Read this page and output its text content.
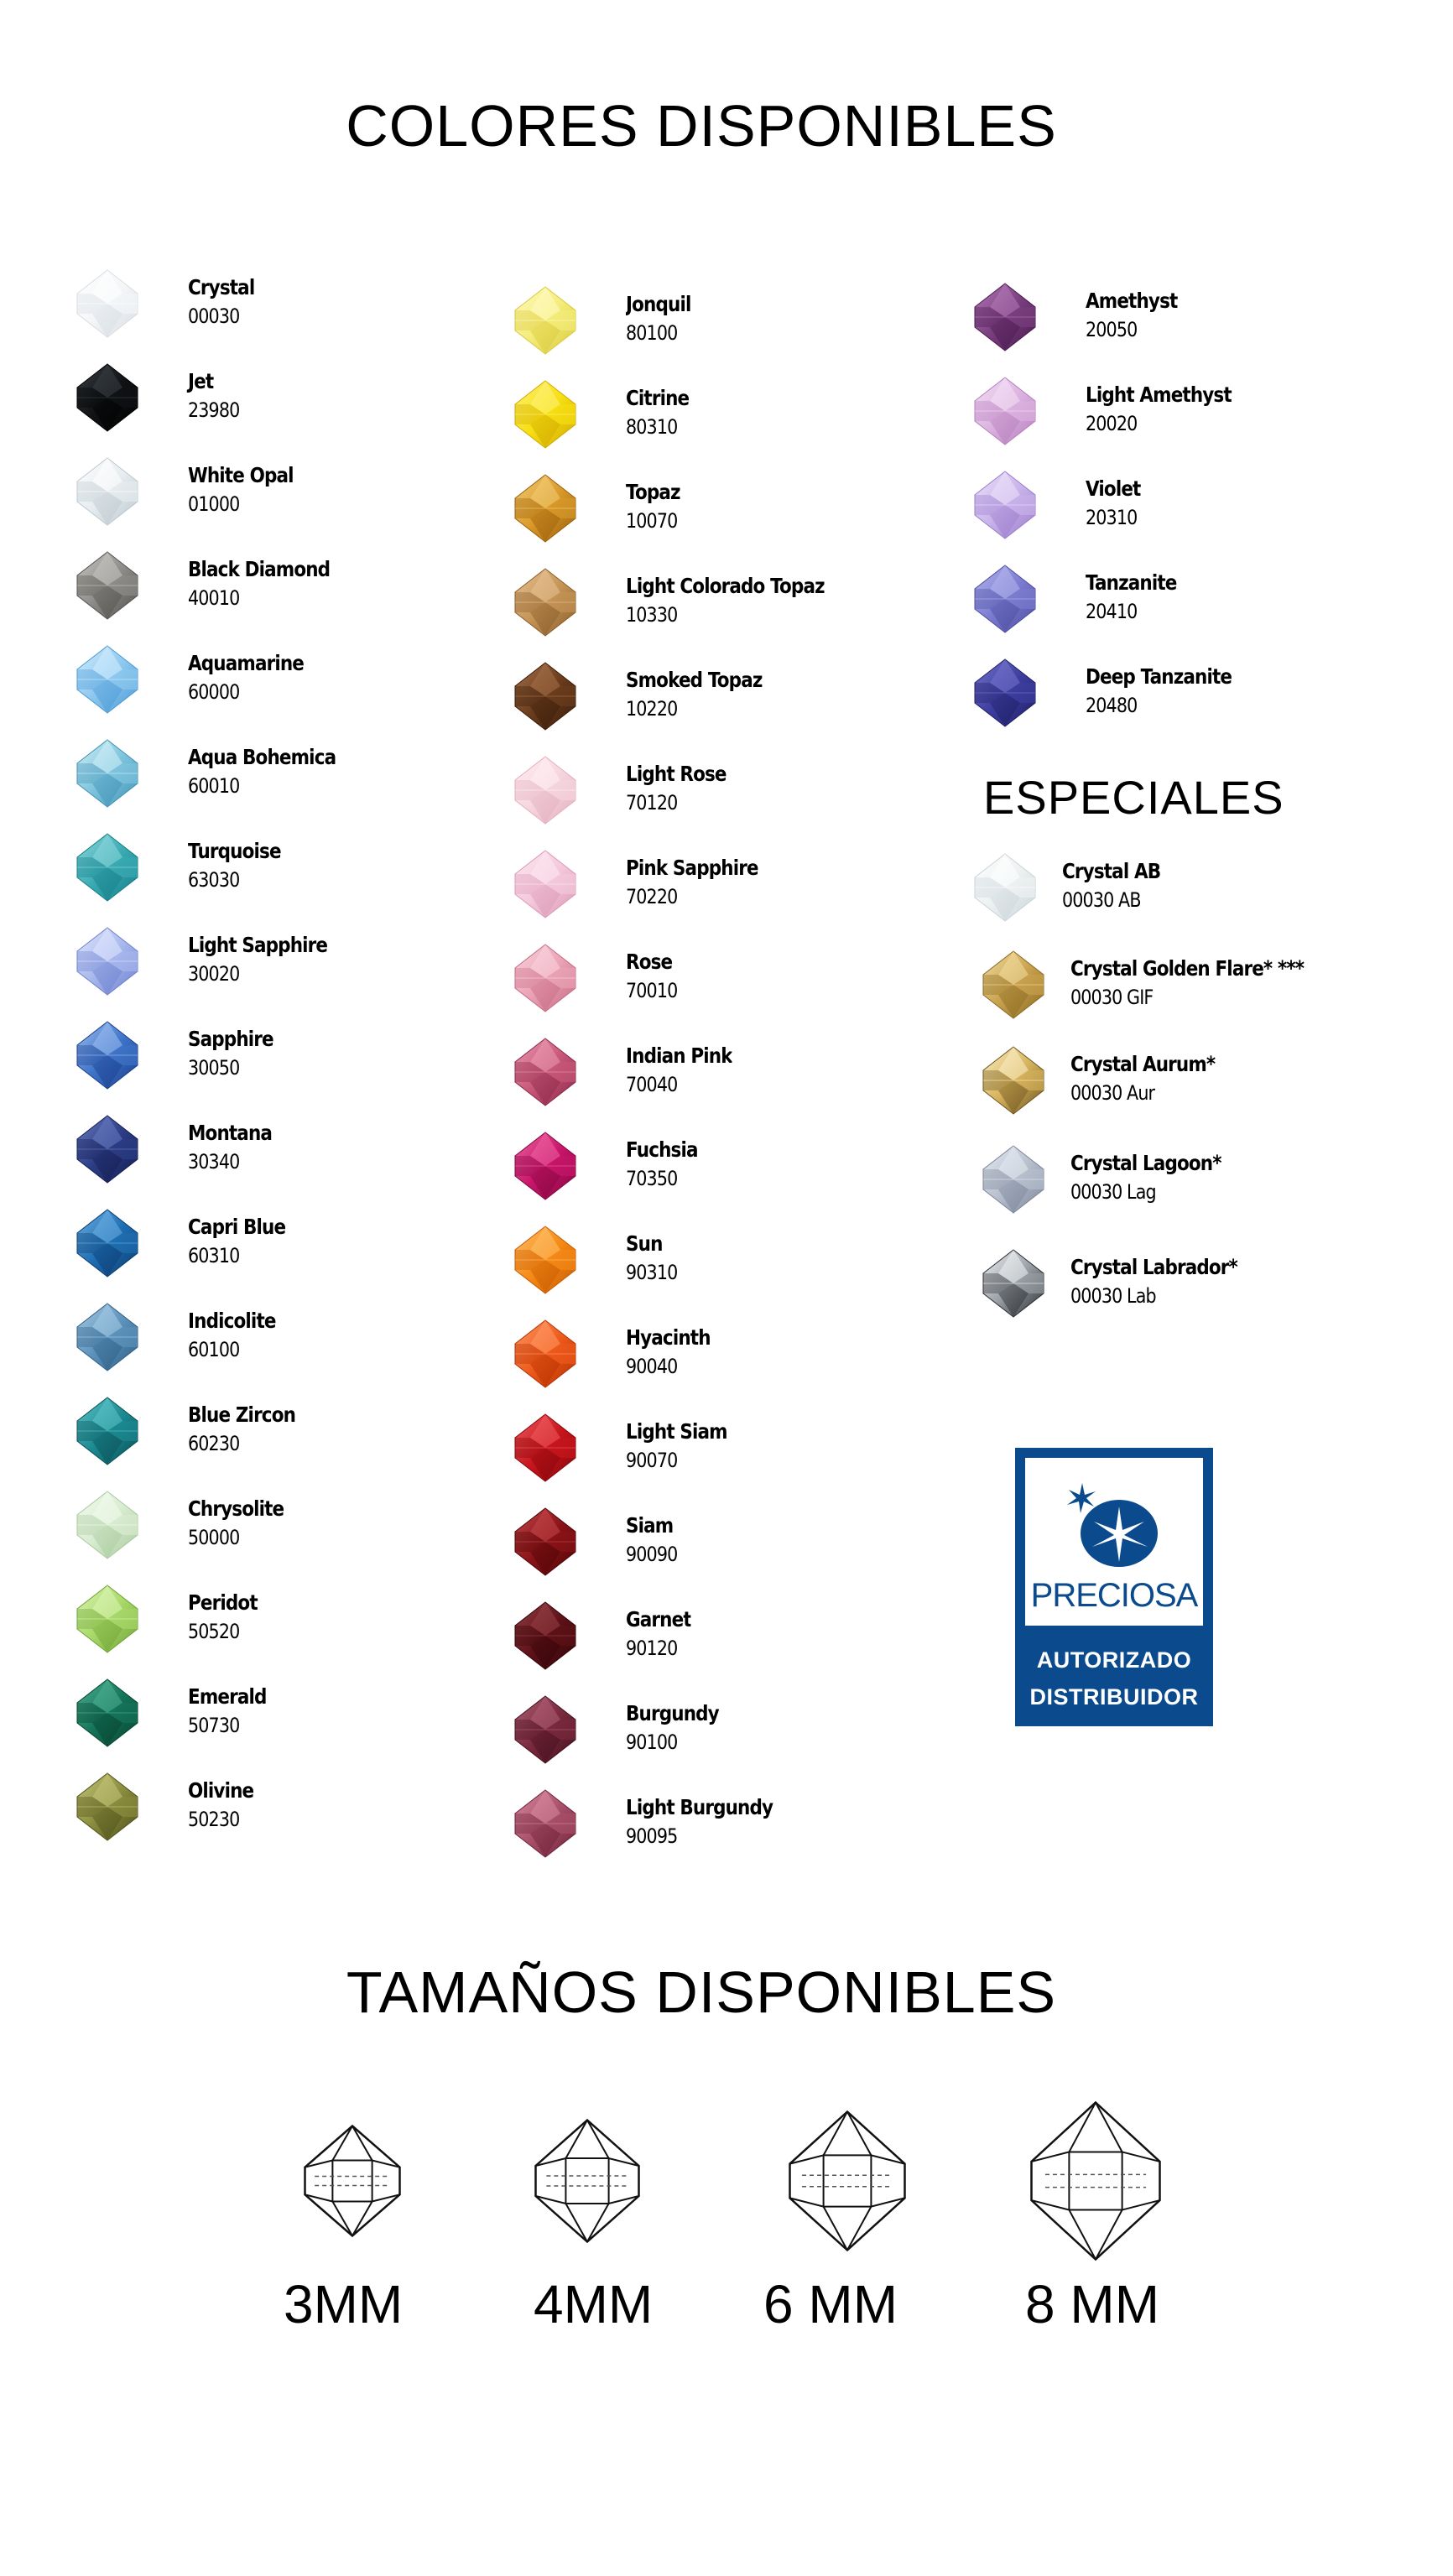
COLORES DISPONIBLES
Crystal
00030
Jet
23980
White Opal
01000
Black Diamond
40010
Aquamarine
60000
Aqua Bohemica
60010
Turquoise
63030
Light Sapphire
30020
Sapphire
30050
Montana
30340
Capri Blue
60310
Indicolite
60100
Blue Zircon
60230
Chrysolite
50000
Peridot
50520
Emerald
50730
Olivine
50230
Jonquil
80100
Citrine
80310
Topaz
10070
Light Colorado Topaz
10330
Smoked Topaz
10220
Light Rose
70120
Pink Sapphire
70220
Rose
70010
Indian Pink
70040
Fuchsia
70350
Sun
90310
Hyacinth
90040
Light Siam
90070
Siam
90090
Garnet
90120
Burgundy
90100
Light Burgundy
90095
Amethyst
20050
Light Amethyst
20020
Violet
20310
Tanzanite
20410
Deep Tanzanite
20480
ESPECIALES
Crystal AB
00030 AB
Crystal Golden Flare* ***
00030 GIF
Crystal Aurum*
00030 Aur
Crystal Lagoon*
00030 Lag
Crystal Labrador*
00030 Lab
PRECIOSA
AUTORIZADO
DISTRIBUIDOR
TAMAÑOS DISPONIBLES
3MM 4MM 6 MM 8 MM
